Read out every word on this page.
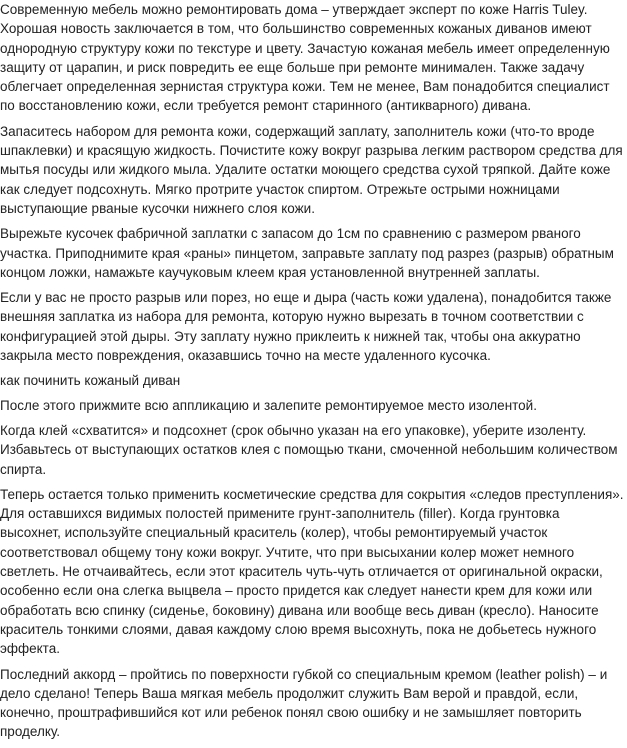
Современную мебель можно ремонтировать дома – утверждает эксперт по коже Harris Tuley. Хорошая новость заключается в том, что большинство современных кожаных диванов имеют однородную структуру кожи по текстуре и цвету. Зачастую кожаная мебель имеет определенную защиту от царапин, и риск повредить ее еще больше при ремонте минимален. Также задачу облегчает определенная зернистая структура кожи. Тем не менее, Вам понадобится специалист по восстановлению кожи, если требуется ремонт старинного (антикварного) дивана.

Запаситесь набором для ремонта кожи, содержащий заплату, заполнитель кожи (что-то вроде шпаклевки) и красящую жидкость. Почистите кожу вокруг разрыва легким раствором средства для мытья посуды или жидкого мыла. Удалите остатки моющего средства сухой тряпкой. Дайте коже как следует подсохнуть. Мягко протрите участок спиртом. Отрежьте острыми ножницами выступающие рваные кусочки нижнего слоя кожи.

Вырежьте кусочек фабричной заплатки с запасом до 1см по сравнению с размером рваного участка. Приподнимите края «раны» пинцетом, заправьте заплату под разрез (разрыв) обратным концом ложки, намажьте каучуковым клеем края установленной внутренней заплаты.

Если у вас не просто разрыв или порез, но еще и дыра (часть кожи удалена), понадобится также внешняя заплатка из набора для ремонта, которую нужно вырезать в точном соответствии с конфигурацией этой дыры. Эту заплату нужно приклеить к нижней так, чтобы она аккуратно закрыла место повреждения, оказавшись точно на месте удаленного кусочка.

как починить кожаный диван

После этого прижмите всю аппликацию и залепите ремонтируемое место изолентой.

Когда клей «схватится» и подсохнет (срок обычно указан на его упаковке), уберите изоленту. Избавьтесь от выступающих остатков клея с помощью ткани, смоченной небольшим количеством спирта.

Теперь остается только применить косметические средства для сокрытия «следов преступления». Для оставшихся видимых полостей примените грунт-заполнитель (filler). Когда грунтовка высохнет, используйте специальный краситель (колер), чтобы ремонтируемый участок соответствовал общему тону кожи вокруг. Учтите, что при высыхании колер может немного светлеть. Не отчаивайтесь, если этот краситель чуть-чуть отличается от оригинальной окраски, особенно если она слегка выцвела – просто придется как следует нанести крем для кожи или обработать всю спинку (сиденье, боковину) дивана или вообще весь диван (кресло). Наносите краситель тонкими слоями, давая каждому слою время высохнуть, пока не добьетесь нужного эффекта.

Последний аккорд – пройтись по поверхности губкой со специальным кремом (leather polish) – и дело сделано! Теперь Ваша мягкая мебель продолжит служить Вам верой и правдой, если, конечно, проштрафившийся кот или ребенок понял свою ошибку и не замышляет повторить проделку.
